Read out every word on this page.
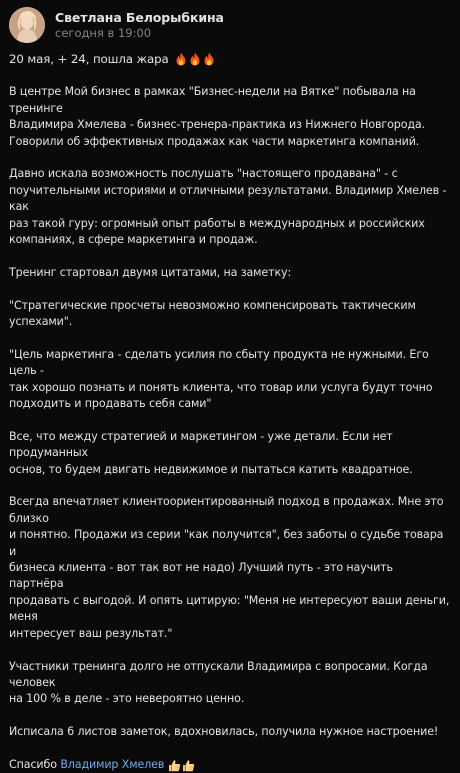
Светлана Белорыбкина
сегодня в 19:00
20 мая, + 24, пошла жара

В центре Мой бизнес в рамках "Бизнес-недели на Вятке" побывала на тренинге
Владимира Хмелева - бизнес-тренера-практика из Нижнего Новгорода.
Говорили об эффективных продажах как части маркетинга компаний.

Давно искала возможность послушать "настоящего продавана" - с
поучительными историями и отличными результатами. Владимир Хмелев - как
раз такой гуру: огромный опыт работы в международных и российских
компаниях, в сфере маркетинга и продаж.

Тренинг стартовал двумя цитатами, на заметку:

"Стратегические просчеты невозможно компенсировать тактическим
успехами".

"Цель маркетинга - сделать усилия по сбыту продукта не нужными. Его цель -
так хорошо познать и понять клиента, что товар или услуга будут точно
подходить и продавать себя сами"

Все, что между стратегией и маркетингом - уже детали. Если нет продуманных
основ, то будем двигать недвижимое и пытаться катить квадратное.

Всегда впечатляет клиентоориентированный подход в продажах. Мне это близко
и понятно. Продажи из серии "как получится", без заботы о судьбе товара и
бизнеса клиента - вот так вот не надо) Лучший путь - это научить партнёра
продавать с выгодой. И опять цитирую: "Меня не интересуют ваши деньги, меня
интересует ваш результат."

Участники тренинга долго не отпускали Владимира с вопросами. Когда человек
на 100 % в деле - это невероятно ценно.

Исписала 6 листов заметок, вдохновилась, получила нужное настроение!

Спасибо Владимир Хмелев
